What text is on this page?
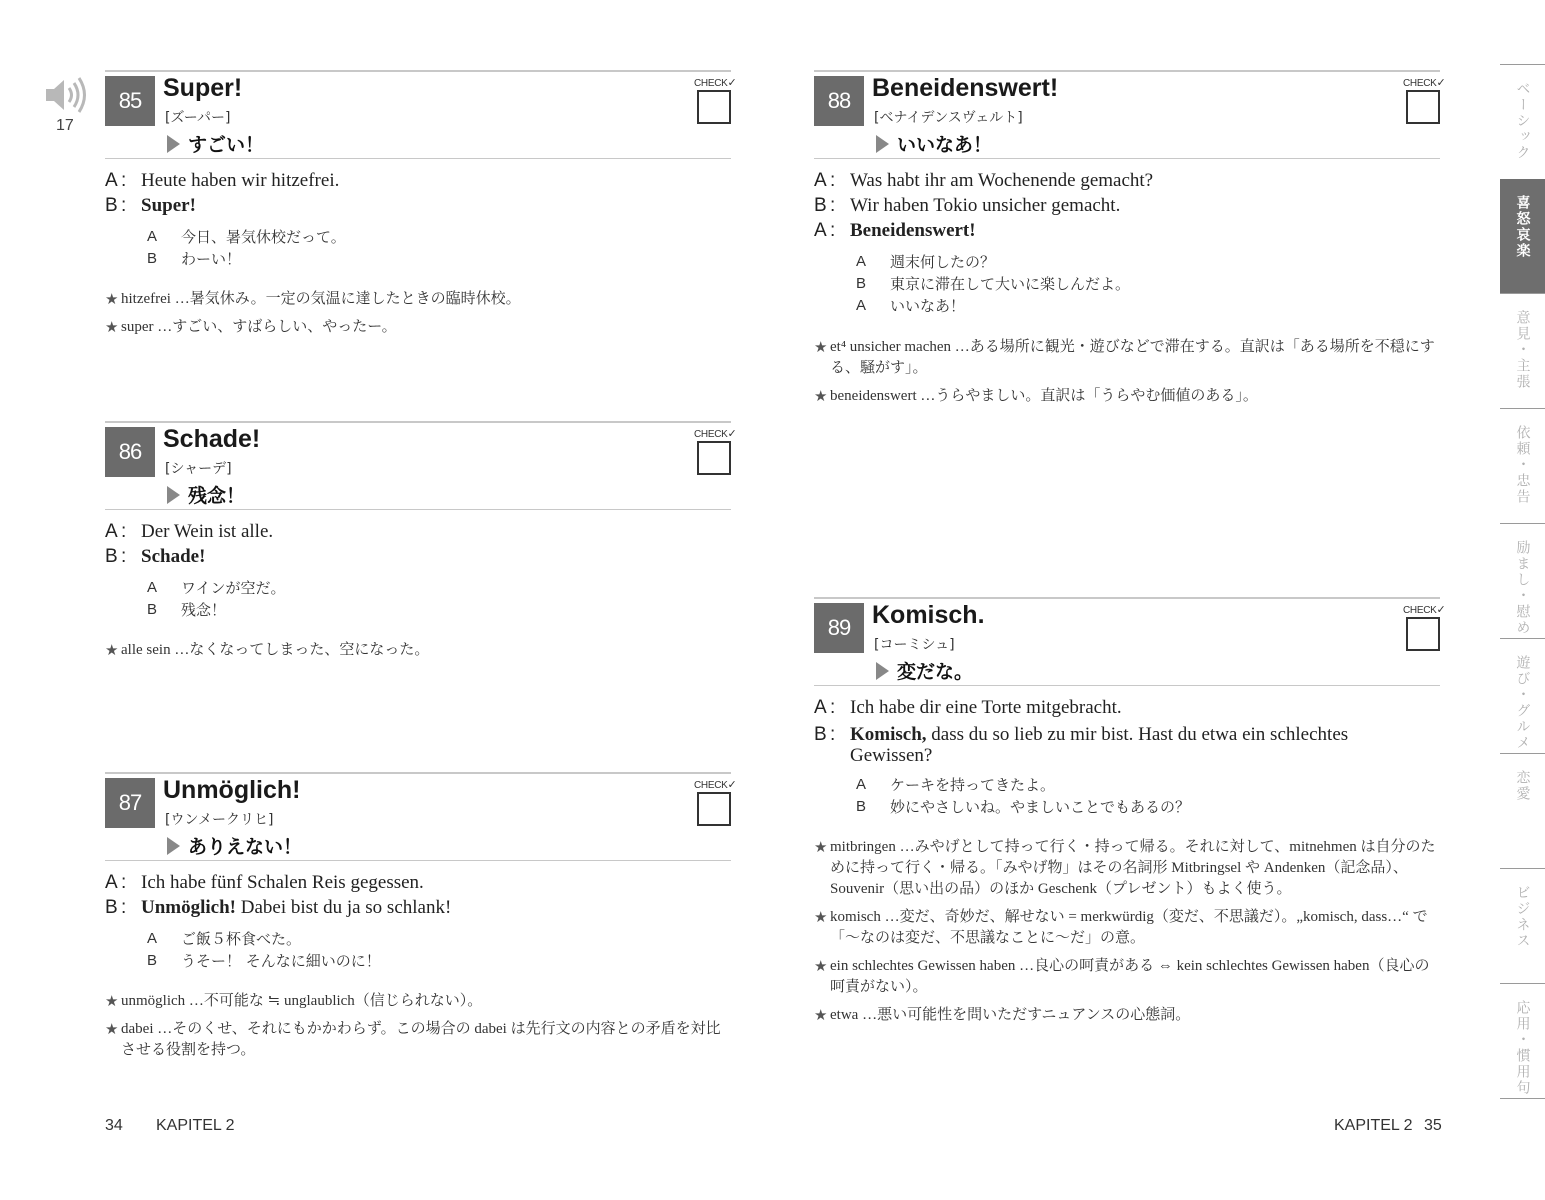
17
85 Super!
[ズーパー]
すごい！
CHECK✓
A : Heute haben wir hitzefrei.
B : Super!
A	今日、暑気休校だって。
B	わーい！
★ hitzefrei …暑気休み。一定の気温に達したときの臨時休校。
★ super …すごい、すばらしい、やったー。
86 Schade!
[シャーデ]
残念！
CHECK✓
A : Der Wein ist alle.
B : Schade!
A	ワインが空だ。
B	残念！
★ alle sein …なくなってしまった、空になった。
87 Unmöglich!
[ウンメークリヒ]
ありえない！
CHECK✓
A : Ich habe fünf Schalen Reis gegessen.
B : Unmöglich! Dabei bist du ja so schlank!
A	ご飯５杯食べた。
B	うそー！ そんなに細いのに！
★ unmöglich …不可能な ≒ unglaublich（信じられない）。
★ dabei …そのくせ、それにもかかわらず。この場合の dabei は先行文の内容との矛盾を対比させる役割を持つ。
88 Beneidenswert!
[ベナイデンスヴェルト]
いいなあ！
CHECK✓
A : Was habt ihr am Wochenende gemacht?
B : Wir haben Tokio unsicher gemacht.
A : Beneidenswert!
A	週末何したの？
B	東京に滞在して大いに楽しんだよ。
A	いいなあ！
★ et⁴ unsicher machen …ある場所に観光・遊びなどで滞在する。直訳は「ある場所を不穏にする、騒がす」。
★ beneidenswert …うらやましい。直訳は「うらやむ価値のある」。
89 Komisch.
[コーミシュ]
変だな。
CHECK✓
A : Ich habe dir eine Torte mitgebracht.
B : Komisch, dass du so lieb zu mir bist. Hast du etwa ein schlechtes Gewissen?
A	ケーキを持ってきたよ。
B	妙にやさしいね。やましいことでもあるの？
★ mitbringen …みやげとして持って行く・持って帰る。それに対して、mitnehmen は自分のために持って行く・帰る。「みやげ物」はその名詞形 Mitbringsel や Andenken（記念品）、Souvenir（思い出の品）のほか Geschenk（プレゼント）もよく使う。
★ komisch …変だ、奇妙だ、解せない = merkwürdig（変だ、不思議だ）。„komisch, dass…“ で「～なのは変だ、不思議なことに～だ」の意。
★ ein schlechtes Gewissen haben …良心の呵責がある ⇔ kein schlechtes Gewissen haben（良心の呵責がない）。
★ etwa …悪い可能性を問いただすニュアンスの心態詞。
34 KAPITEL 2	KAPITEL 2 35
ベーシック
喜怒哀楽
意見・主張
依頼・忠告
励まし・慰め
遊び・グルメ
恋愛
ビジネス
応用・慣用句
